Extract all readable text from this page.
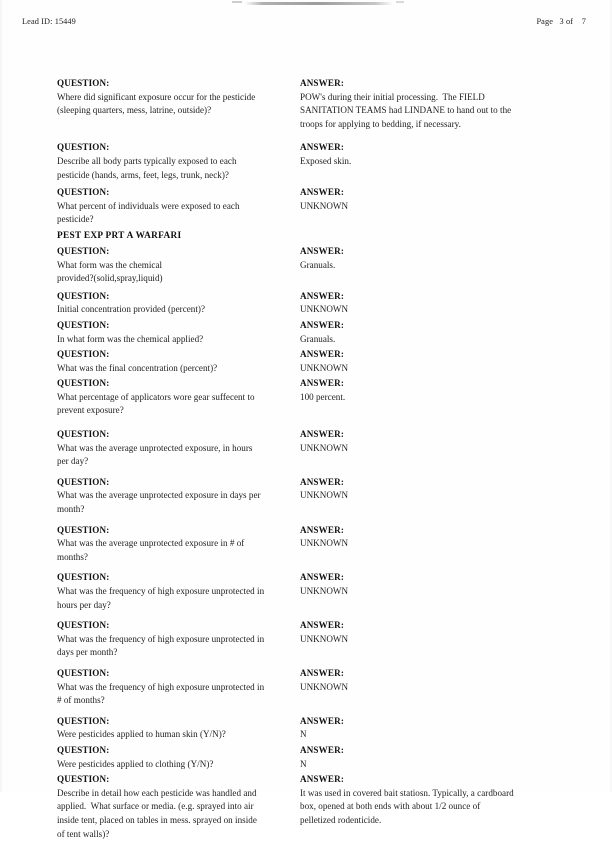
Lead ID: 15449	Page   3 of    7
QUESTION:
Where did significant exposure occur for the pesticide
(sleeping quarters, mess, latrine, outside)?
ANSWER:
POW's during their initial processing.  The FIELD
SANITATION TEAMS had LINDANE to hand out to the
troops for applying to bedding, if necessary.
QUESTION:
Describe all body parts typically exposed to each
pesticide (hands, arms, feet, legs, trunk, neck)?
ANSWER:
Exposed skin.
QUESTION:
What percent of individuals were exposed to each
pesticide?
ANSWER:
UNKNOWN
PEST EXP PRT A WARFARI
QUESTION:
What form was the chemical
provided?(solid,spray,liquid)
ANSWER:
Granuals.
QUESTION:
Initial concentration provided (percent)?
ANSWER:
UNKNOWN
QUESTION:
In what form was the chemical applied?
ANSWER:
Granuals.
QUESTION:
What was the final concentration (percent)?
ANSWER:
UNKNOWN
QUESTION:
What percentage of applicators wore gear suffecent to
prevent exposure?
ANSWER:
100 percent.
QUESTION:
What was the average unprotected exposure, in hours
per day?
ANSWER:
UNKNOWN
QUESTION:
What was the average unprotected exposure in days per
month?
ANSWER:
UNKNOWN
QUESTION:
What was the average unprotected exposure in # of
months?
ANSWER:
UNKNOWN
QUESTION:
What was the frequency of high exposure unprotected in
hours per day?
ANSWER:
UNKNOWN
QUESTION:
What was the frequency of high exposure unprotected in
days per month?
ANSWER:
UNKNOWN
QUESTION:
What was the frequency of high exposure unprotected in
# of months?
ANSWER:
UNKNOWN
QUESTION:
Were pesticides applied to human skin (Y/N)?
ANSWER:
N
QUESTION:
Were pesticides applied to clothing (Y/N)?
ANSWER:
N
QUESTION:
Describe in detail how each pesticide was handled and
applied.  What surface or media. (e.g. sprayed into air
inside tent, placed on tables in mess. sprayed on inside
of tent walls)?
ANSWER:
It was used in covered bait statiosn. Typically, a cardboard
box, opened at both ends with about 1/2 ounce of
pelletized rodenticide.
